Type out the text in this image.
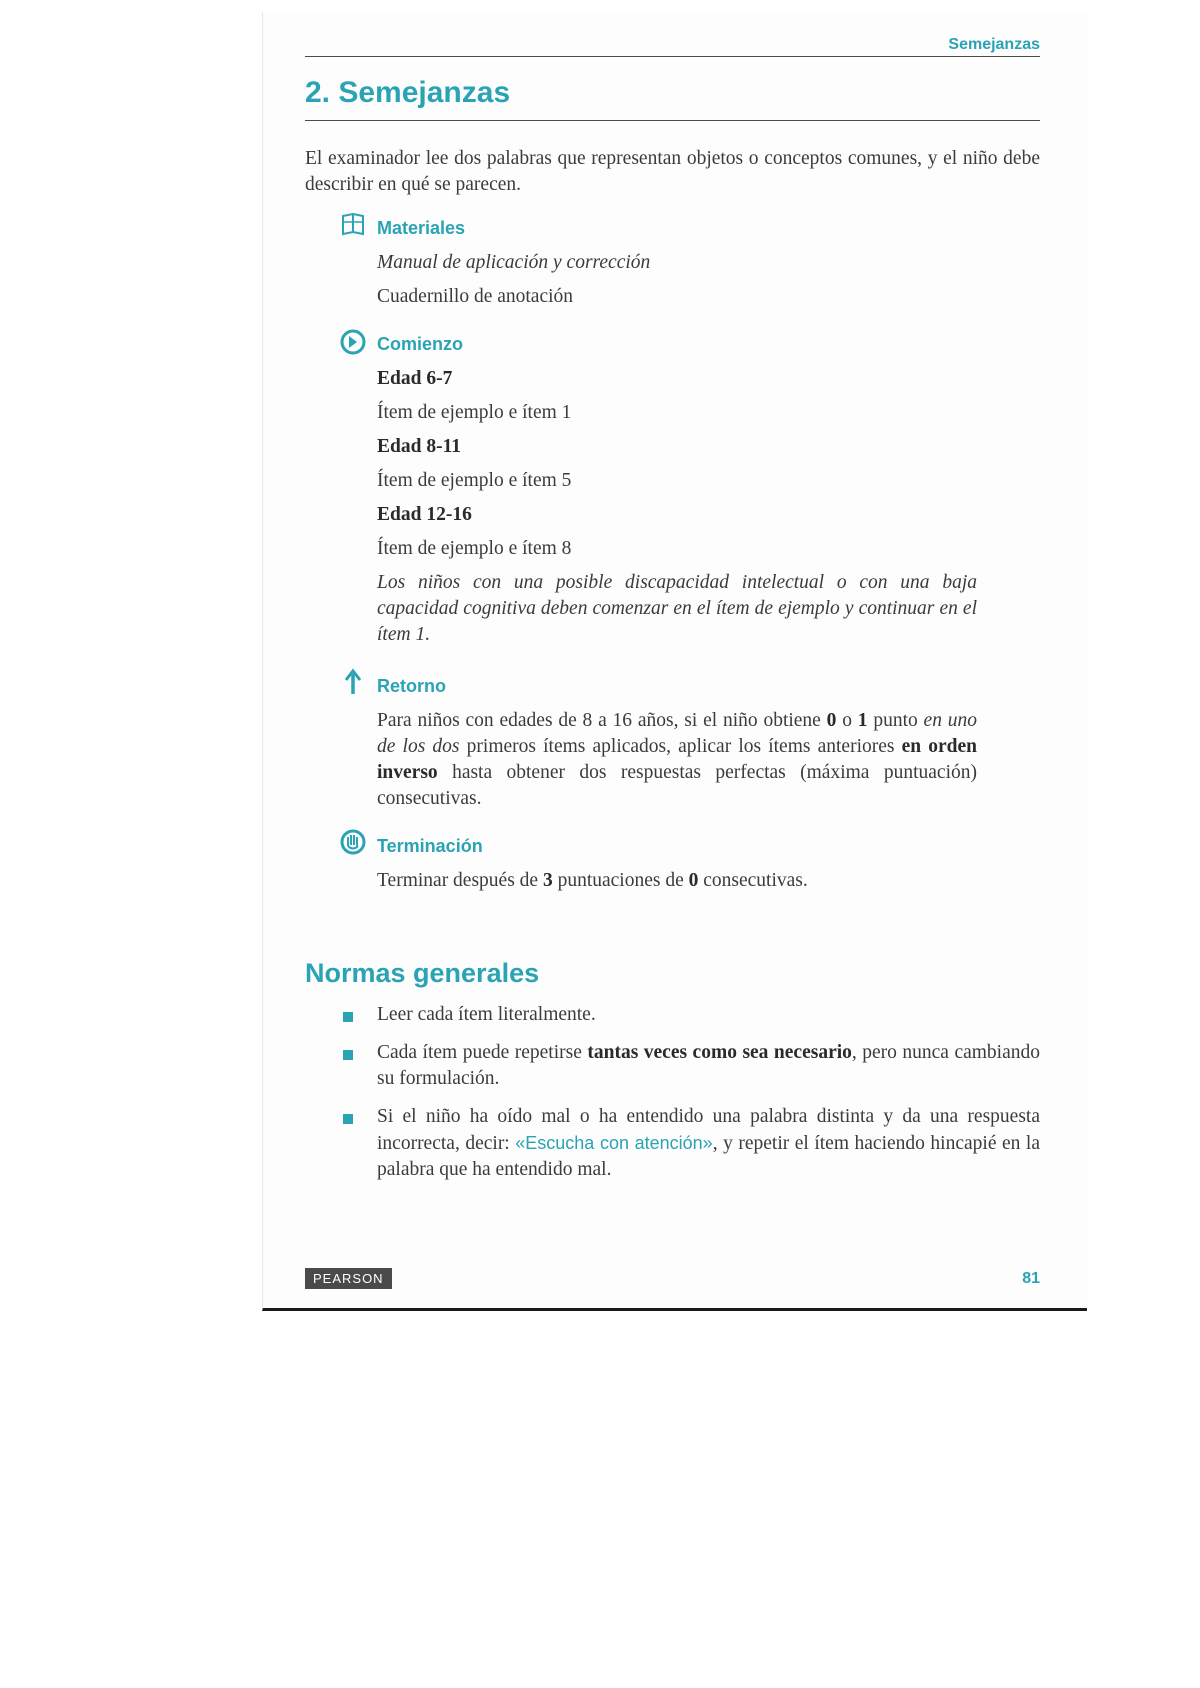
Semejanzas
2. Semejanzas
El examinador lee dos palabras que representan objetos o conceptos comunes, y el niño debe describir en qué se parecen.
Materiales
Manual de aplicación y corrección
Cuadernillo de anotación
Comienzo
Edad 6-7
Ítem de ejemplo e ítem 1
Edad 8-11
Ítem de ejemplo e ítem 5
Edad 12-16
Ítem de ejemplo e ítem 8
Los niños con una posible discapacidad intelectual o con una baja capacidad cognitiva deben comenzar en el ítem de ejemplo y continuar en el ítem 1.
Retorno
Para niños con edades de 8 a 16 años, si el niño obtiene 0 o 1 punto en uno de los dos primeros ítems aplicados, aplicar los ítems anteriores en orden inverso hasta obtener dos respuestas perfectas (máxima puntuación) consecutivas.
Terminación
Terminar después de 3 puntuaciones de 0 consecutivas.
Normas generales
Leer cada ítem literalmente.
Cada ítem puede repetirse tantas veces como sea necesario, pero nunca cambiando su formulación.
Si el niño ha oído mal o ha entendido una palabra distinta y da una respuesta incorrecta, decir: «Escucha con atención», y repetir el ítem haciendo hincapié en la palabra que ha entendido mal.
PEARSON	81
